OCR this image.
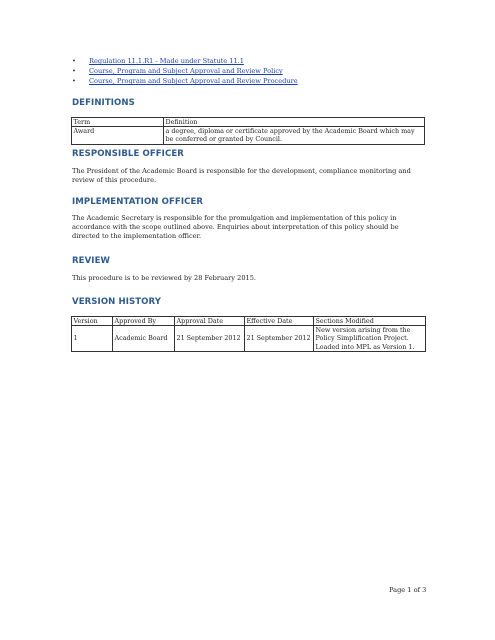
• Regulation 11.1.R1 - Made under Statute 11.1
• Course, Program and Subject Approval and Review Policy
• Course, Program and Subject Approval and Review Procedure
DEFINITIONS
Term	Definition
Award	a degree, diploma or certificate approved by the Academic Board which may be conferred or granted by Council.
RESPONSIBLE OFFICER

The President of the Academic Board is responsible for the development, compliance monitoring and review of this procedure.

IMPLEMENTATION OFFICER

The Academic Secretary is responsible for the promulgation and implementation of this policy in accordance with the scope outlined above. Enquiries about interpretation of this policy should be directed to the implementation officer.

REVIEW

This procedure is to be reviewed by 28 February 2015.

VERSION HISTORY
Version	Approved By	Approval Date	Effective Date	Sections Modified
1	Academic Board	21 September 2012	21 September 2012	New version arising from the Policy Simplification Project. Loaded into MPL as Version 1.
Page 1 of 3
